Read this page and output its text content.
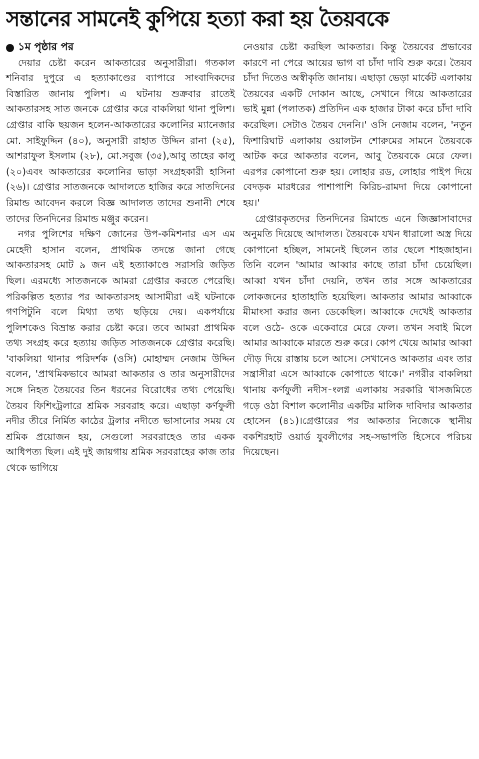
সন্তানের সামনেই কুপিয়ে হত্যা করা হয় তৈয়বকে
১ম পৃষ্ঠার পর

দেয়ার চেষ্টা করেন আকতারের অনুসারীরা। গতকাল শনিবার দুপুরে এ হত্যাকাণ্ডের ব্যাপারে সাংবাদিকদের বিস্তারিত জানায় পুলিশ। এ ঘটনায় শুক্রবার রাতেই আকতারসহ সাত জনকে গ্রেপ্তার করে বাকলিয়া থানা পুলিশ। গ্রেপ্তার বাকি ছয়জন হলেন-আকতারের কলোনির ম্যানেজার মো. সাইফুদ্দিন (৪০), অনুসারী রাহাত উদ্দিন রানা (২৫), আশরাফুল ইসলাম (২৮), মো.সবুজ (৩৫),আবু তাহের কালু (২০)এবং আকতারের কলোনির ভাড়া সংগ্রহকারী হাসিনা (২৬)। গ্রেপ্তার সাতজনকে আদালতে হাজির করে সাতদিনের রিমান্ড আবেদন করলে বিজ্ঞ আদালত তাদের শুনানী শেষে তাদের তিনদিনের রিমান্ড মঞ্জুর করেন।

নগর পুলিশের দক্ষিণ জোনের উপ-কমিশনার এস এম মেহেদী হাসান বলেন, প্রাথমিক তদন্তে জানা গেছে আকতারসহ মোট ৯ জন এই হত্যাকাণ্ডে সরাসরি জড়িত ছিল। এরমধ্যে সাতজনকে আমরা গ্রেপ্তার করতে পেরেছি। পরিকল্পিত হত্যার পর আকতারসহ আসামীরা এই ঘটনাকে গণপিটুনি বলে মিথ্যা তথ্য ছড়িয়ে দেয়। একপর্যায়ে পুলিশকেও বিভ্রান্ত করার চেষ্টা করে। তবে আমরা প্রাথমিক তথ্য সংগ্রহ করে হত্যায় জড়িত সাতজনকে গ্রেপ্তার করেছি। 'বাকলিয়া থানার পরিদর্শক (ওসি) মোহাম্মদ নেজাম উদ্দিন বলেন, 'প্রাথমিকভাবে আমরা আকতার ও তার অনুসারীদের সঙ্গে নিহত তৈয়বের তিন ধরনের বিরোধের তথ্য পেয়েছি। তৈয়ব ফিশিংট্রলারে শ্রমিক সরবরাহ করে। এছাড়া কর্ণফুলী নদীর তীরে নির্মিত কাঠের ট্রলার নদীতে ভাসানোর সময় যে শ্রমিক প্রয়োজন হয়, সেগুলো সরবরাহেও তার একক আধিপত্য ছিল। এই দুই জায়গায় শ্রমিক সরবরাহের কাজ তার থেকে ভাগিয়ে

নেওয়ার চেষ্টা করছিল আকতার। কিন্তু তৈয়বের প্রভাবের কারণে না পেরে আয়ের ভাগ বা চাঁদা দাবি শুরু করে। তৈয়ব চাঁদা দিতেও অস্বীকৃতি জানায়। এছাড়া ভেড়া মার্কেট এলাকায় তৈয়বের একটি দোকান আছে, সেখানে গিয়ে আকতারের ভাই মুন্না (পলাতক) প্রতিদিন এক হাজার টাকা করে চাঁদা দাবি করেছিল। সেটাও তৈয়ব দেননি।' ওসি নেজাম বলেন, 'নতুন ফিশারিঘাট এলাকায় ওয়ালটন শোরুমের সামনে তৈয়বকে আটক করে আকতার বলেন, আবু তৈয়বকে মেরে ফেল। এরপর কোপানো শুরু হয়। লোহার রড, লোহার পাইপ দিয়ে বেদড়ক মারধরের পাশাপাশি কিরিচ-রামদা দিয়ে কোপানো হয়।'

গ্রেপ্তারকৃতদের তিনদিনের রিমান্ডে এনে জিজ্ঞাসাবাদের অনুমতি দিয়েছে আদালত। তৈয়বকে যখন ধারালো অস্ত্র দিয়ে কোপানো হচ্ছিল, সামনেই ছিলেন তার ছেলে শাহজাহান। তিনি বলেন 'আমার আব্বার কাছে তারা চাঁদা চেয়েছিল। আব্বা যখন চাঁদা দেয়নি, তখন তার সঙ্গে আকতারের লোকজনের হাতাহাতি হয়েছিল। আকতার আমার আব্বাকে মীমাংসা করার জন্য ডেকেছিল। আব্বাকে দেখেই আকতার বলে ওঠে- ওকে একেবারে মেরে ফেল। তখন সবাই মিলে আমার আব্বাকে মারতে শুরু করে। কোপ খেয়ে আমার আব্বা দৌড় দিয়ে রাস্তায় চলে আসে। সেখানেও আকতার এবং তার সন্ত্রাসীরা এসে আব্বাকে কোপাতে থাকে।' নগরীর বাকলিয়া থানায় কর্ণফুলী নদীস-ংলগ্ন এলাকায় সরকারি খাসজমিতে গড়ে ওঠা বিশাল কলোনীর একটির মালিক দাবিদার আকতার হোসেন (৪১)।গ্রেপ্তারের পর আকতার নিজেকে স্থানীয় বকশিরহাট ওয়ার্ড যুবলীগের সহ-সভাপতি হিসেবে পরিচয় দিয়েছেন।
